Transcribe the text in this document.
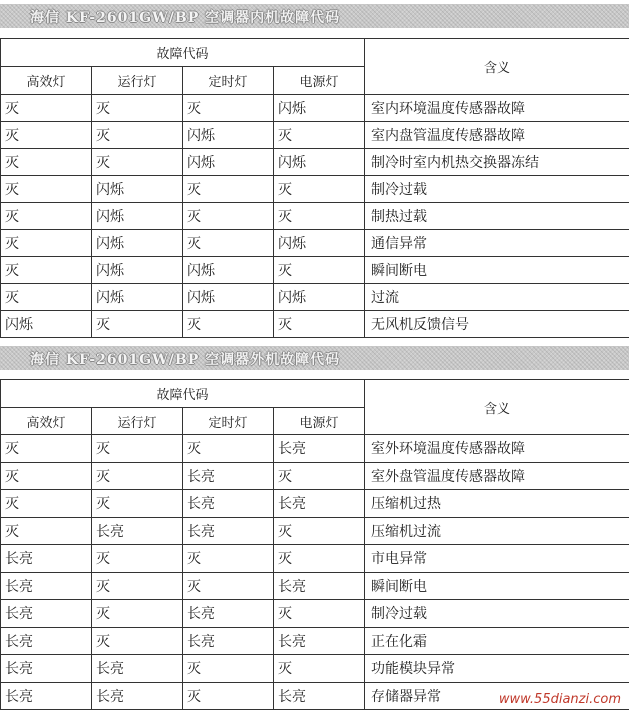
海信 KF-2601GW/BP 空调器内机故障代码
故障代码				含义
高效灯	运行灯	定时灯	电源灯	
灭	灭	灭	闪烁	室内环境温度传感器故障
灭	灭	闪烁	灭	室内盘管温度传感器故障
灭	灭	闪烁	闪烁	制冷时室内机热交换器冻结
灭	闪烁	灭	灭	制冷过载
灭	闪烁	灭	灭	制热过载
灭	闪烁	灭	闪烁	通信异常
灭	闪烁	闪烁	灭	瞬间断电
灭	闪烁	闪烁	闪烁	过流
闪烁	灭	灭	灭	无风机反馈信号
海信 KF-2601GW/BP 空调器外机故障代码
故障代码				含义
高效灯	运行灯	定时灯	电源灯	
灭	灭	灭	长亮	室外环境温度传感器故障
灭	灭	长亮	灭	室外盘管温度传感器故障
灭	灭	长亮	长亮	压缩机过热
灭	长亮	长亮	灭	压缩机过流
长亮	灭	灭	灭	市电异常
长亮	灭	灭	长亮	瞬间断电
长亮	灭	长亮	灭	制冷过载
长亮	灭	长亮	长亮	正在化霜
长亮	长亮	灭	灭	功能模块异常
长亮	长亮	灭	长亮	存储器异常	www.55dianzi.com
